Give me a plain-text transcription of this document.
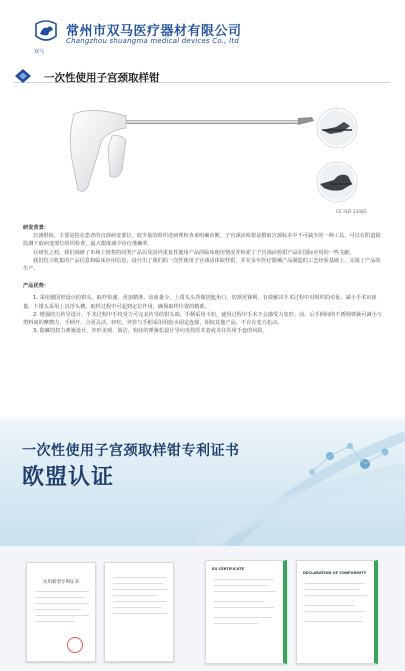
双马
常州市双马医疗器材有限公司
Changzhou shuangma medical devices Co., ltd
一次性使用子宫颈取样钳
CE ISO 13485
研发背景：

宫颈组检，主要是指在患者的宫颈病变部位，取少量的组织送病理检查来明确诊断。子宫颈活检钳是摄取宫颈标本中不可缺少的一种工具，可以在阴道镜监测下取病变部位组织检查，最大限度减少诊疗准确率。

在研发之初，我们调研了市场上销售的同类产品以及国内重复性使用产品的临床使用情况并检索了子宫颈活检钳产品在国际应用的一些文献。

我们结合收集的产品信息和临床应用信息，设计出了我们的一次性使用子宫颈活体取样钳，并在多年医疗器械产品制造的工艺经验基础上，完成了产品的生产。

产品优势：

1. 采用德国形设计的钳头，取样快速、更加精准、出血量少。上钳头头背做钥匙角口，切割更锋利，有效解决手术过程中对组织的牵扯、减小手术出血量。下钳头采用上沉浮头槽，取样过程中可起到定位作用，确保取样位置的精准。

2. 增强的力传导设计，手术过程中手持受力可完美传导给钳头端，手柄采用卡扣，使用过程中手术不会感受力变形。前、后手柄间的不锈钢弹簧可减小与塑料间的摩擦力，手柄开、合更灵活、轻松，外管与手柄采用用胶水固定连接，相较其他产品，不存在变力松动。

3. 隐藏的扭力弹簧设计，外形美观、简洁，钩状的弹簧松设计导向夹伤医术者或夹住医用手套的风险。

一次性使用子宫颈取样钳专利证书
欧盟认证
实用新型专利证书
EU CERTIFICATE
DECLARATION OF CONFORMITY
